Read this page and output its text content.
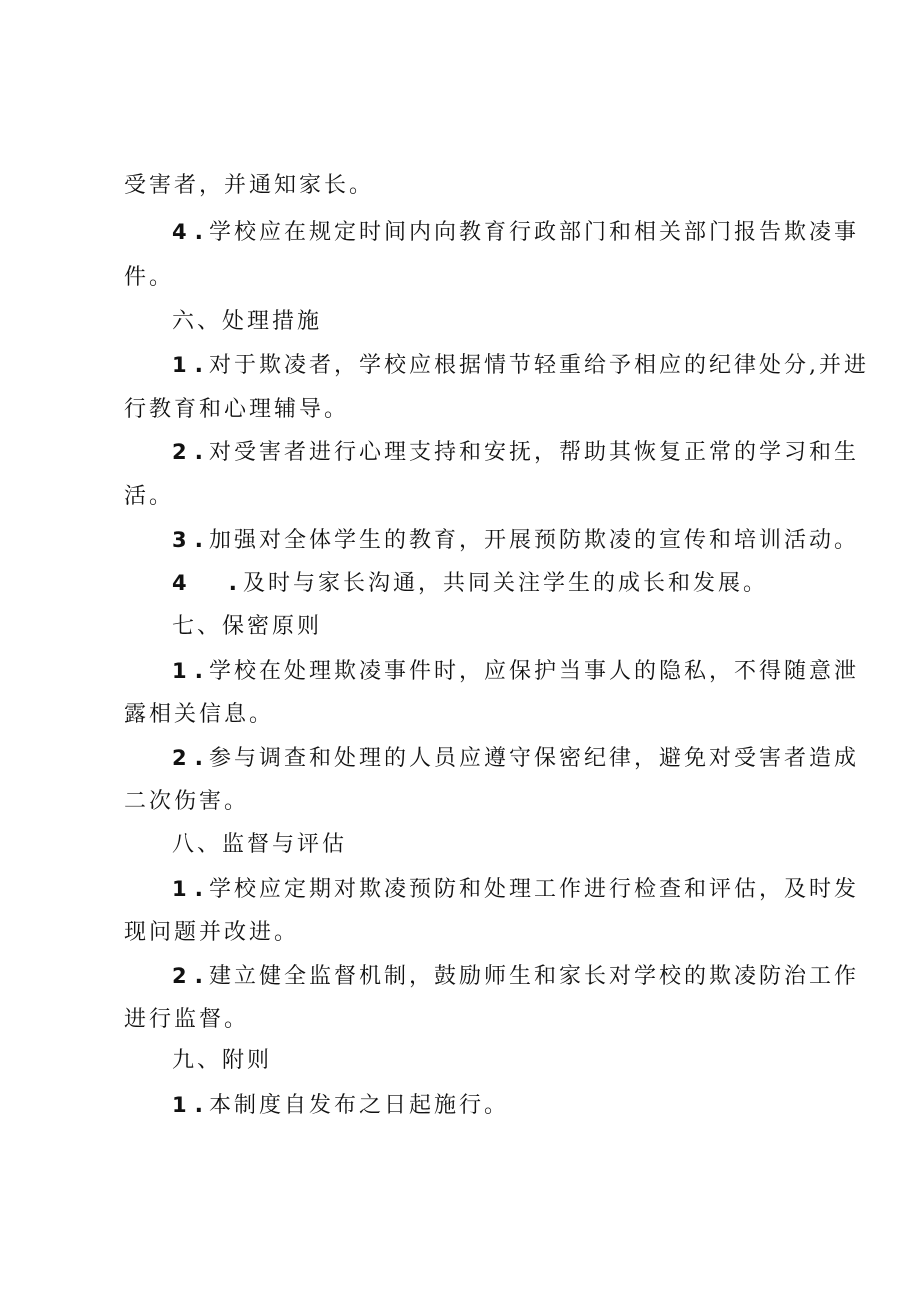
受害者，并通知家长。
4 . 学校应在规定时间内向教育行政部门和相关部门报告欺凌事
件。
六、处理措施
1 . 对于欺凌者，学校应根据情节轻重给予相应的纪律处分,并进
行教育和心理辅导。
2 . 对受害者进行心理支持和安抚，帮助其恢复正常的学习和生
活。
3 . 加强对全体学生的教育，开展预防欺凌的宣传和培训活动。
4 . 及时与家长沟通，共同关注学生的成长和发展。
七、保密原则
1 . 学校在处理欺凌事件时，应保护当事人的隐私，不得随意泄
露相关信息。
2 . 参与调查和处理的人员应遵守保密纪律，避免对受害者造成
二次伤害。
八、监督与评估
1 . 学校应定期对欺凌预防和处理工作进行检查和评估，及时发
现问题并改进。
2 . 建立健全监督机制，鼓励师生和家长对学校的欺凌防治工作
进行监督。
九、附则
1 . 本制度自发布之日起施行。
